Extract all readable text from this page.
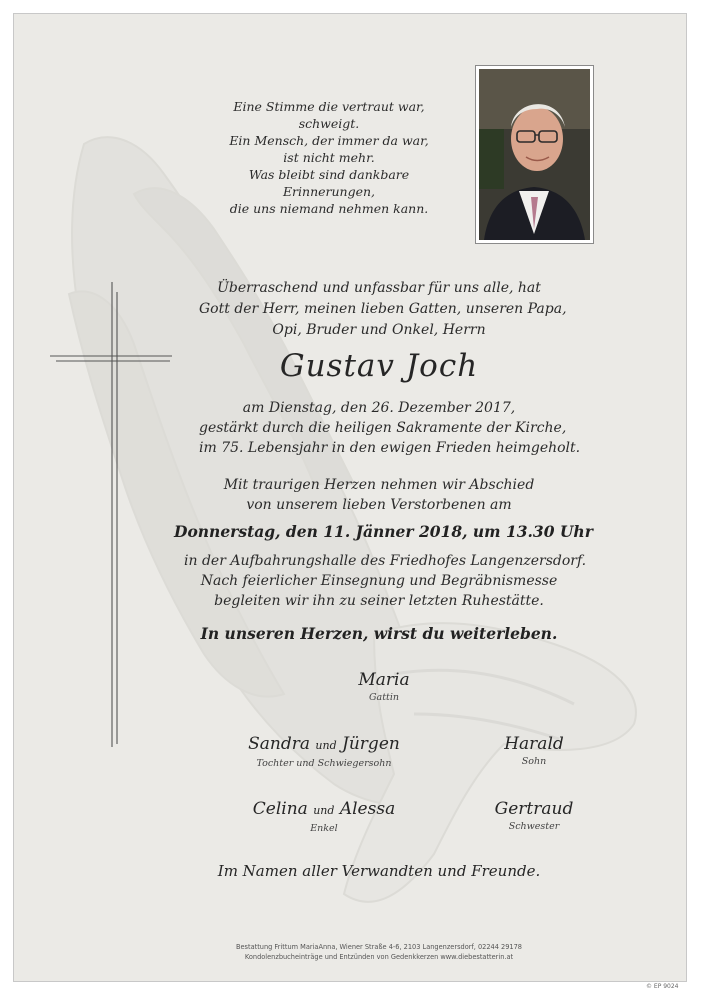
Eine Stimme die vertraut war,
schweigt.
Ein Mensch, der immer da war,
ist nicht mehr.
Was bleibt sind dankbare
Erinnerungen,
die uns niemand nehmen kann.
Überraschend und unfassbar für uns alle, hat
Gott der Herr, meinen lieben Gatten, unseren Papa,
Opi, Bruder und Onkel, Herrn
Gustav Joch
am Dienstag, den 26. Dezember 2017,
gestärkt durch die heiligen Sakramente der Kirche,
im 75. Lebensjahr in den ewigen Frieden heimgeholt.
Mit traurigen Herzen nehmen wir Abschied
von unserem lieben Verstorbenen am
Donnerstag, den 11. Jänner 2018, um 13.30 Uhr
in der Aufbahrungshalle des Friedhofes Langenzersdorf.
Nach feierlicher Einsegnung und Begräbnismesse
begleiten wir ihn zu seiner letzten Ruhestätte.
In unseren Herzen, wirst du weiterleben.
Maria
Gattin
Sandra und Jürgen
Tochter und Schwiegersohn
Harald
Sohn
Celina und Alessa
Enkel
Gertraud
Schwester
Im Namen aller Verwandten und Freunde.
Bestattung Frittum MariaAnna, Wiener Straße 4-6, 2103 Langenzersdorf, 02244 29178
Kondolenzbucheinträge und Entzünden von Gedenkkerzen www.diebestatterin.at
© EP 9024
